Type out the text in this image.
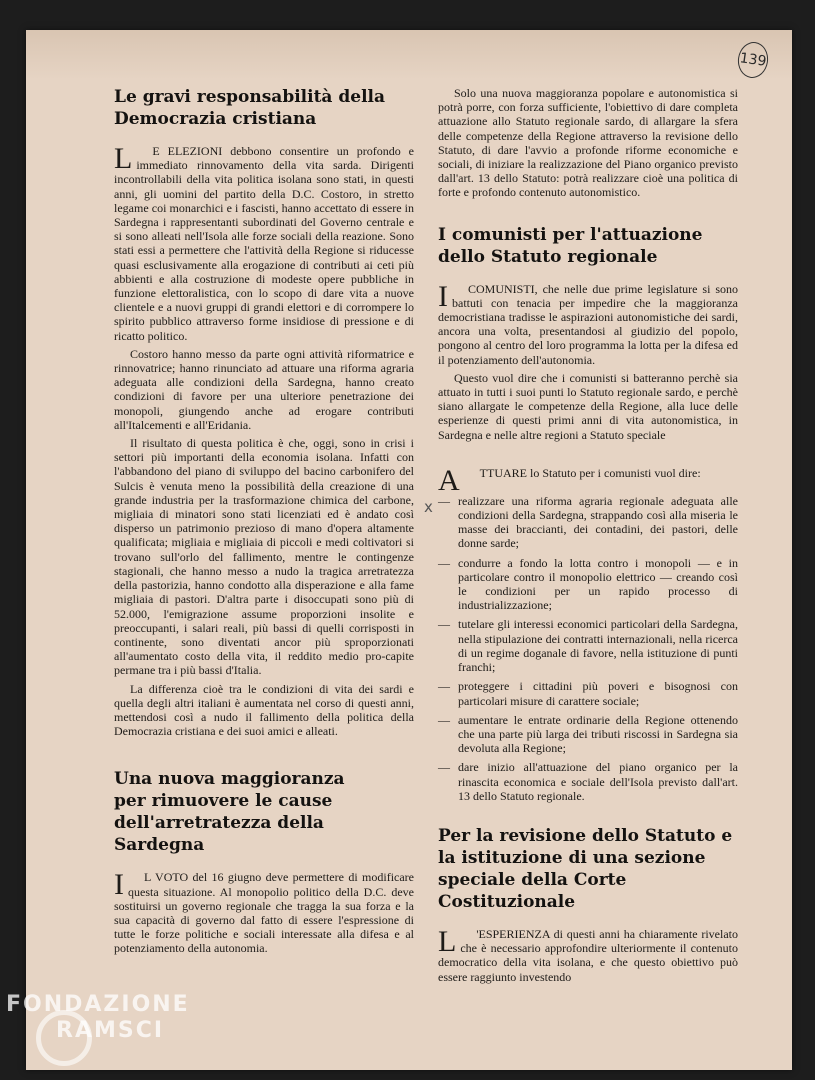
139
Le gravi responsabilità della Democrazia cristiana

L E ELEZIONI debbono consentire un profondo e immediato rinnovamento della vita sarda. Dirigenti incontrollabili della vita politica isolana sono stati, in questi anni, gli uomini del partito della D.C. Costoro, in stretto legame coi monarchici e i fascisti, hanno accettato di essere in Sardegna i rappresentanti subordinati del Governo centrale e si sono alleati nell'Isola alle forze sociali della reazione. Sono stati essi a permettere che l'attività della Regione si riducesse quasi esclusivamente alla erogazione di contributi ai ceti più abbienti e alla costruzione di modeste opere pubbliche in funzione elettoralistica, con lo scopo di dare vita a nuove clientele e a nuovi gruppi di grandi elettori e di corrompere lo spirito pubblico attraverso forme insidiose di pressione e di ricatto politico.

Costoro hanno messo da parte ogni attività riformatrice e rinnovatrice; hanno rinunciato ad attuare una riforma agraria adeguata alle condizioni della Sardegna, hanno creato condizioni di favore per una ulteriore penetrazione dei monopoli, giungendo anche ad erogare contributi all'Italcementi e all'Eridania.

Il risultato di questa politica è che, oggi, sono in crisi i settori più importanti della economia isolana. Infatti con l'abbandono del piano di sviluppo del bacino carbonifero del Sulcis è venuta meno la possibilità della creazione di una grande industria per la trasformazione chimica del carbone, migliaia di minatori sono stati licenziati ed è andato così disperso un patrimonio prezioso di mano d'opera altamente qualificata; migliaia e migliaia di piccoli e medi coltivatori si trovano sull'orlo del fallimento, mentre le contingenze stagionali, che hanno messo a nudo la tragica arretratezza della pastorizia, hanno condotto alla disperazione e alla fame migliaia di pastori. D'altra parte i disoccupati sono più di 52.000, l'emigrazione assume proporzioni insolite e preoccupanti, i salari reali, più bassi di quelli corrisposti in continente, sono diventati ancor più sproporzionati all'aumentato costo della vita, il reddito medio pro-capite permane tra i più bassi d'Italia.

La differenza cioè tra le condizioni di vita dei sardi e quella degli altri italiani è aumentata nel corso di questi anni, mettendosi così a nudo il fallimento della politica della Democrazia cristiana e dei suoi amici e alleati.

Una nuova maggioranza per rimuovere le cause dell'arretratezza della Sardegna

I L VOTO del 16 giugno deve permettere di modificare questa situazione. Al monopolio politico della D.C. deve sostituirsi un governo regionale che tragga la sua forza e la sua capacità di governo dal fatto di essere l'espressione di tutte le forze politiche e sociali interessate alla difesa e al potenziamento della autonomia.

Solo una nuova maggioranza popolare e autonomistica si potrà porre, con forza sufficiente, l'obiettivo di dare completa attuazione allo Statuto regionale sardo, di allargare la sfera delle competenze della Regione attraverso la revisione dello Statuto, di dare l'avvio a profonde riforme economiche e sociali, di iniziare la realizzazione del Piano organico previsto dall'art. 13 dello Statuto: potrà realizzare cioè una politica di forte e profondo contenuto autonomistico.

I comunisti per l'attuazione dello Statuto regionale

I COMUNISTI, che nelle due prime legislature si sono battuti con tenacia per impedire che la maggioranza democristiana tradisse le aspirazioni autonomistiche dei sardi, ancora una volta, presentandosi al giudizio del popolo, pongono al centro del loro programma la lotta per la difesa ed il potenziamento dell'autonomia.

Questo vuol dire che i comunisti si batteranno perchè sia attuato in tutti i suoi punti lo Statuto regionale sardo, e perchè siano allargate le competenze della Regione, alla luce delle esperienze di questi primi anni di vita autonomistica, in Sardegna e nelle altre regioni a Statuto speciale

A TTUARE lo Statuto per i comunisti vuol dire:

— realizzare una riforma agraria regionale adeguata alle condizioni della Sardegna, strappando così alla miseria le masse dei braccianti, dei contadini, dei pastori, delle donne sarde;
— condurre a fondo la lotta contro i monopoli — e in particolare contro il monopolio elettrico — creando così le condizioni per un rapido processo di industrializzazione;
— tutelare gli interessi economici particolari della Sardegna, nella stipulazione dei contratti internazionali, nella ricerca di un regime doganale di favore, nella istituzione di punti franchi;
— proteggere i cittadini più poveri e bisognosi con particolari misure di carattere sociale;
— aumentare le entrate ordinarie della Regione ottenendo che una parte più larga dei tributi riscossi in Sardegna sia devoluta alla Regione;
— dare inizio all'attuazione del piano organico per la rinascita economica e sociale dell'Isola previsto dall'art. 13 dello Statuto regionale.
Per la revisione dello Statuto e la istituzione di una sezione speciale della Corte Costituzionale

L 'ESPERIENZA di questi anni ha chiaramente rivelato che è necessario approfondire ulteriormente il contenuto democratico della vita isolana, e che questo obiettivo può essere raggiunto investendo

x
FONDAZIONE
RAMSCI
